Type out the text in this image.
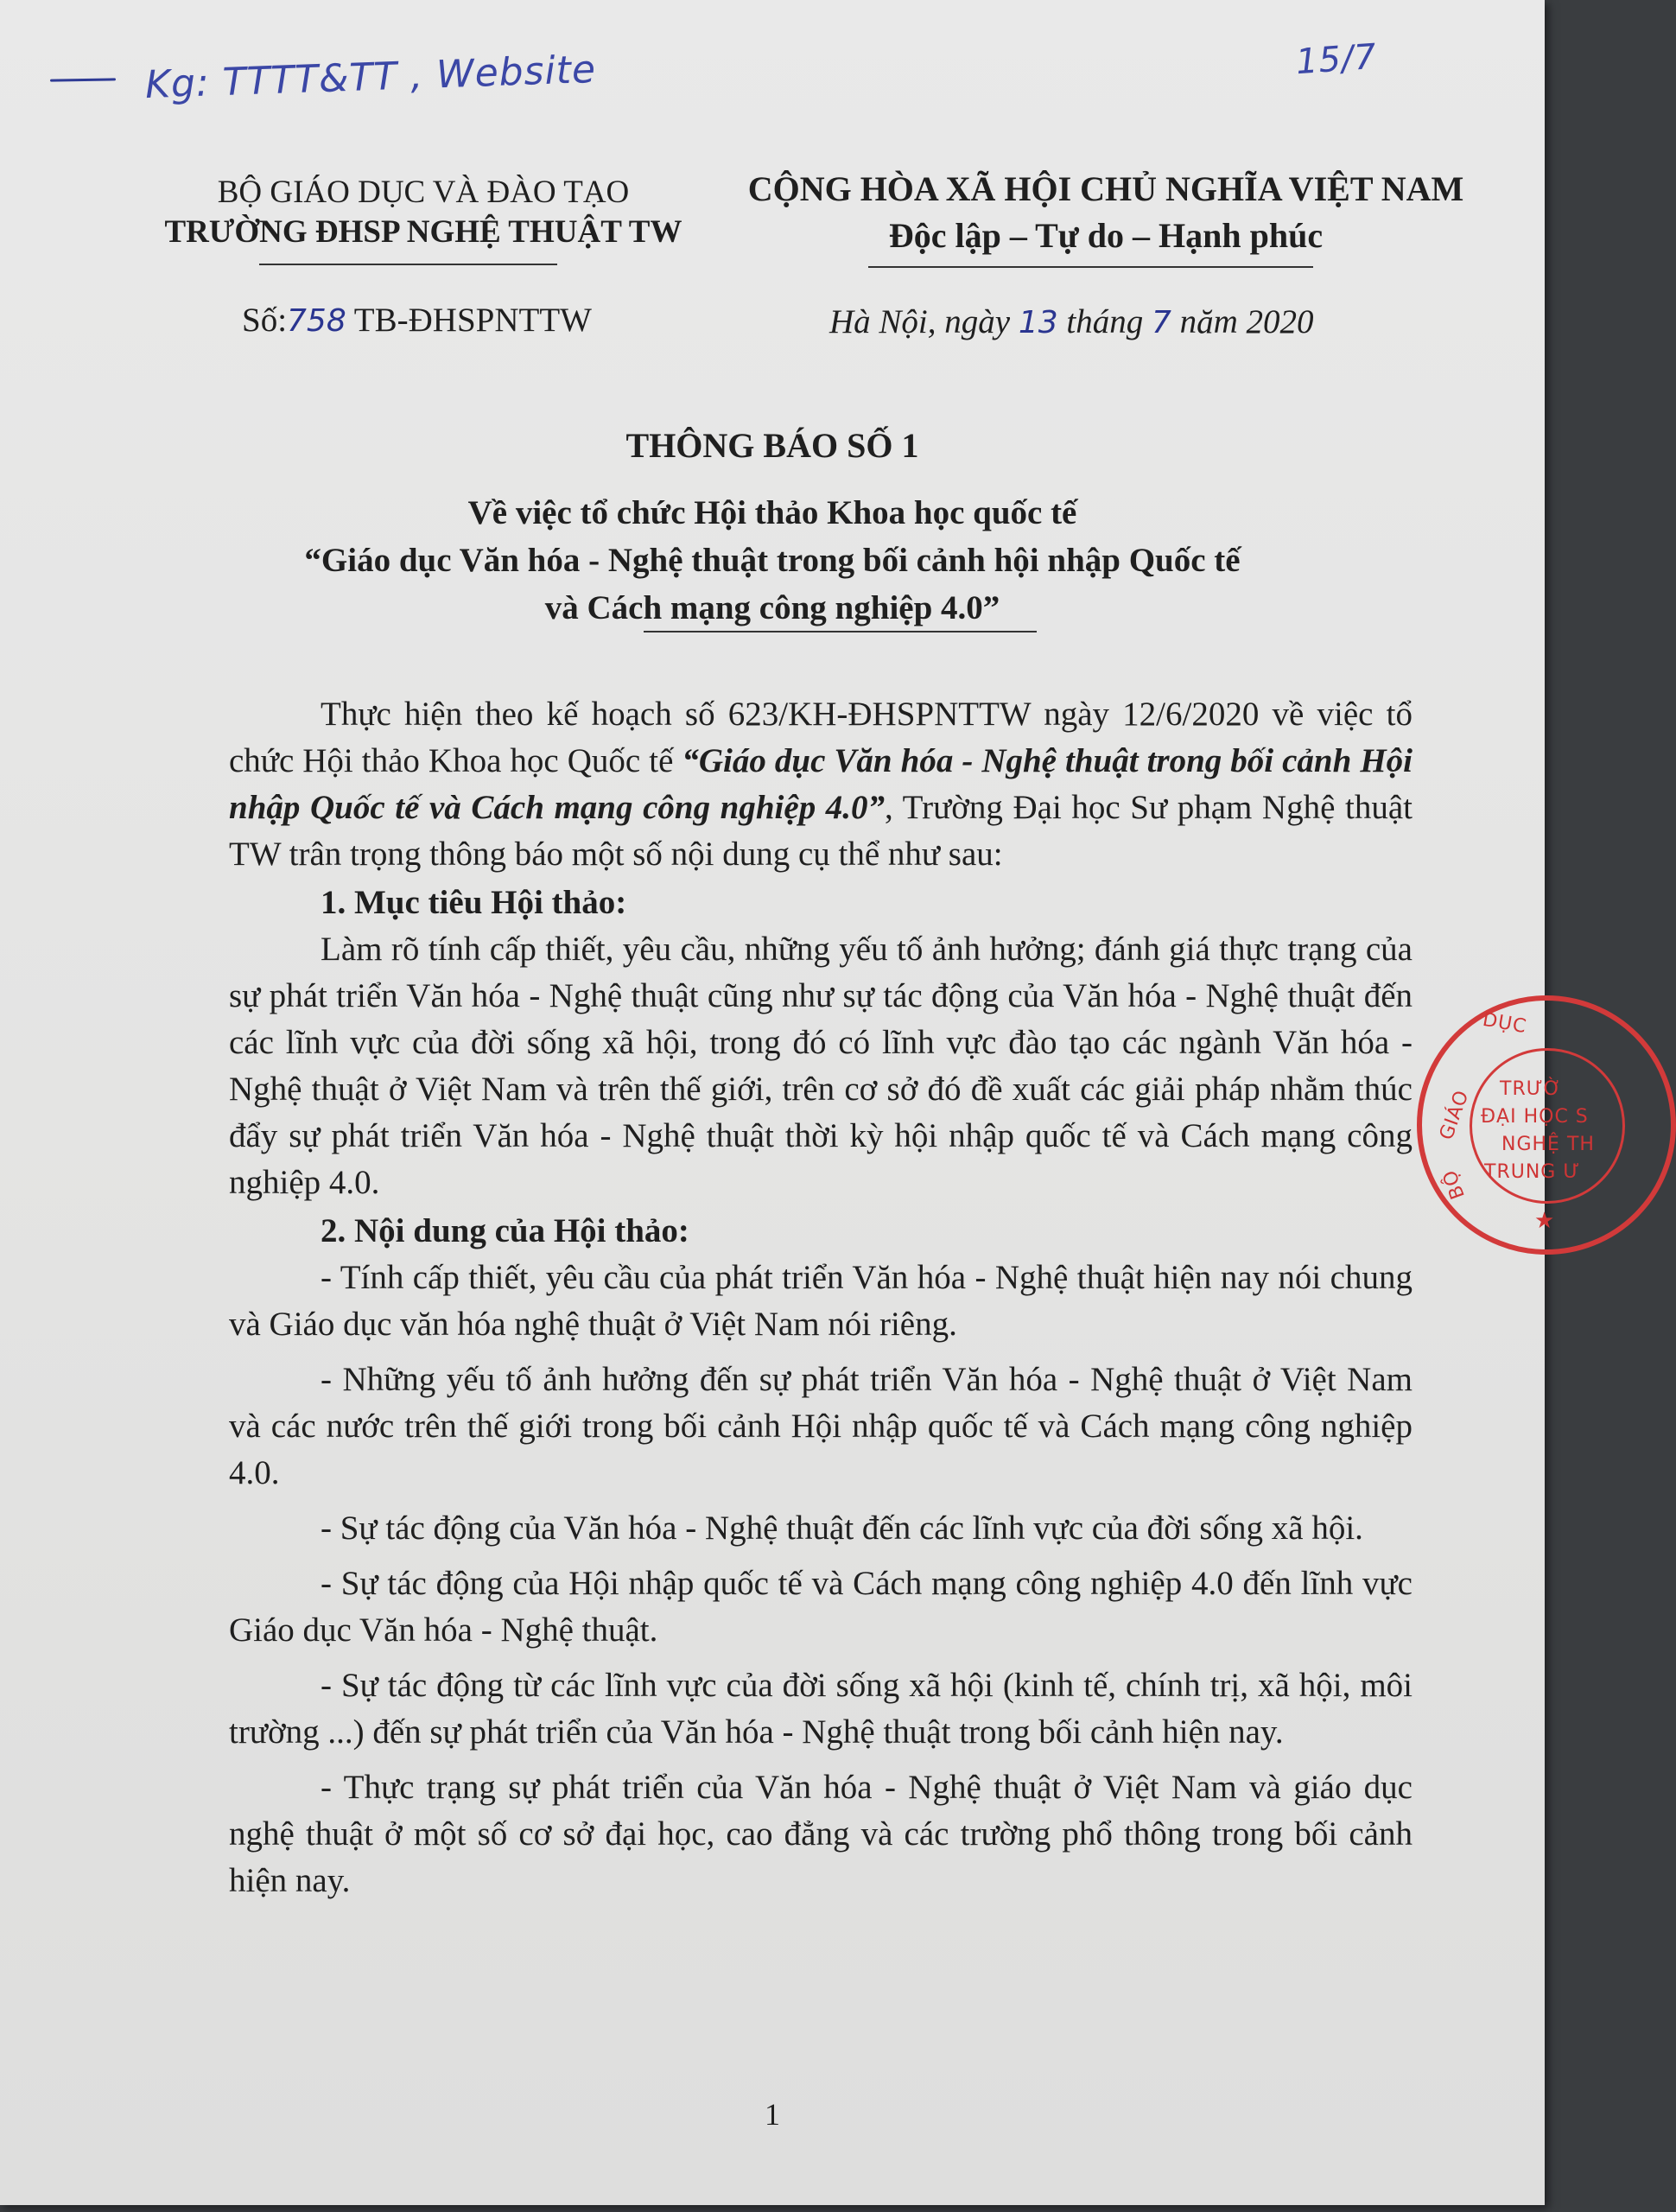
Kg: TTTT&TT , Website	15/7
BỘ GIÁO DỤC VÀ ĐÀO TẠO
TRƯỜNG ĐHSP NGHỆ THUẬT TW
CỘNG HÒA XÃ HỘI CHỦ NGHĨA VIỆT NAM
Độc lập – Tự do – Hạnh phúc
Số:758 TB-ĐHSPNTTW	Hà Nội, ngày 13 tháng 7 năm 2020
THÔNG BÁO SỐ 1
Về việc tổ chức Hội thảo Khoa học quốc tế
“Giáo dục Văn hóa - Nghệ thuật trong bối cảnh hội nhập Quốc tế
và Cách mạng công nghiệp 4.0”

Thực hiện theo kế hoạch số 623/KH-ĐHSPNTTW ngày 12/6/2020 về việc tổ chức Hội thảo Khoa học Quốc tế “Giáo dục Văn hóa - Nghệ thuật trong bối cảnh Hội nhập Quốc tế và Cách mạng công nghiệp 4.0”, Trường Đại học Sư phạm Nghệ thuật TW trân trọng thông báo một số nội dung cụ thể như sau:

1. Mục tiêu Hội thảo:

Làm rõ tính cấp thiết, yêu cầu, những yếu tố ảnh hưởng; đánh giá thực trạng của sự phát triển Văn hóa - Nghệ thuật cũng như sự tác động của Văn hóa - Nghệ thuật đến các lĩnh vực của đời sống xã hội, trong đó có lĩnh vực đào tạo các ngành Văn hóa - Nghệ thuật ở Việt Nam và trên thế giới, trên cơ sở đó đề xuất các giải pháp nhằm thúc đẩy sự phát triển Văn hóa - Nghệ thuật thời kỳ hội nhập quốc tế và Cách mạng công nghiệp 4.0.

2. Nội dung của Hội thảo:

- Tính cấp thiết, yêu cầu của phát triển Văn hóa - Nghệ thuật hiện nay nói chung và Giáo dục văn hóa nghệ thuật ở Việt Nam nói riêng.

- Những yếu tố ảnh hưởng đến sự phát triển Văn hóa - Nghệ thuật ở Việt Nam và các nước trên thế giới trong bối cảnh Hội nhập quốc tế và Cách mạng công nghiệp 4.0.

- Sự tác động của Văn hóa - Nghệ thuật đến các lĩnh vực của đời sống xã hội.

- Sự tác động của Hội nhập quốc tế và Cách mạng công nghiệp 4.0 đến lĩnh vực Giáo dục Văn hóa - Nghệ thuật.

- Sự tác động từ các lĩnh vực của đời sống xã hội (kinh tế, chính trị, xã hội, môi trường ...) đến sự phát triển của Văn hóa - Nghệ thuật trong bối cảnh hiện nay.

- Thực trạng sự phát triển của Văn hóa - Nghệ thuật ở Việt Nam và giáo dục nghệ thuật ở một số cơ sở đại học, cao đẳng và các trường phổ thông trong bối cảnh hiện nay.

1
DỤC
GIÁO TRƯỜ
ĐẠI HỌC S
NGHỆ TH
TRUNG Ư
★
BỘ
